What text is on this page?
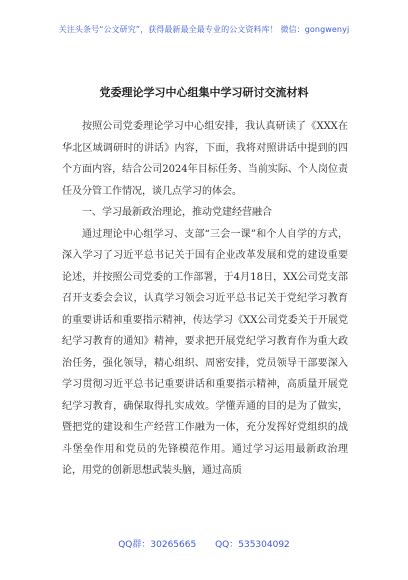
关注头条号“公文研究”，获得最新最全最专业的公文资料库！ 微信：gongwenyj
党委理论学习中心组集中学习研讨交流材料

按照公司党委理论学习中心组安排，我认真研读了《XXX在华北区域调研时的讲话》内容，下面，我将对照讲话中提到的四个方面内容，结合公司2024年目标任务、当前实际、个人岗位责任及分管工作情况，谈几点学习的体会。

一、学习最新政治理论，推动党建经营融合

通过理论中心组学习、支部“三会一课”和个人自学的方式，深入学习了习近平总书记关于国有企业改革发展和党的建设重要论述，并按照公司党委的工作部署，于4月18日，XX公司党支部召开支委会会议，认真学习领会习近平总书记关于党纪学习教育的重要讲话和重要指示精神，传达学习《XX公司党委关于开展党纪学习教育的通知》精神，要求把开展党纪学习教育作为重大政治任务，强化领导，精心组织、周密安排，党员领导干部要深入学习贯彻习近平总书记重要讲话和重要指示精神，高质量开展党纪学习教育，确保取得扎实成效。学懂弄通的目的是为了做实，暨把党的建设和生产经营工作融为一体，充分发挥好党组织的战斗堡垒作用和党员的先锋模范作用。通过学习运用最新政治理论，用党的创新思想武装头脑，通过高质

QQ群：30265665 QQ：535304092
